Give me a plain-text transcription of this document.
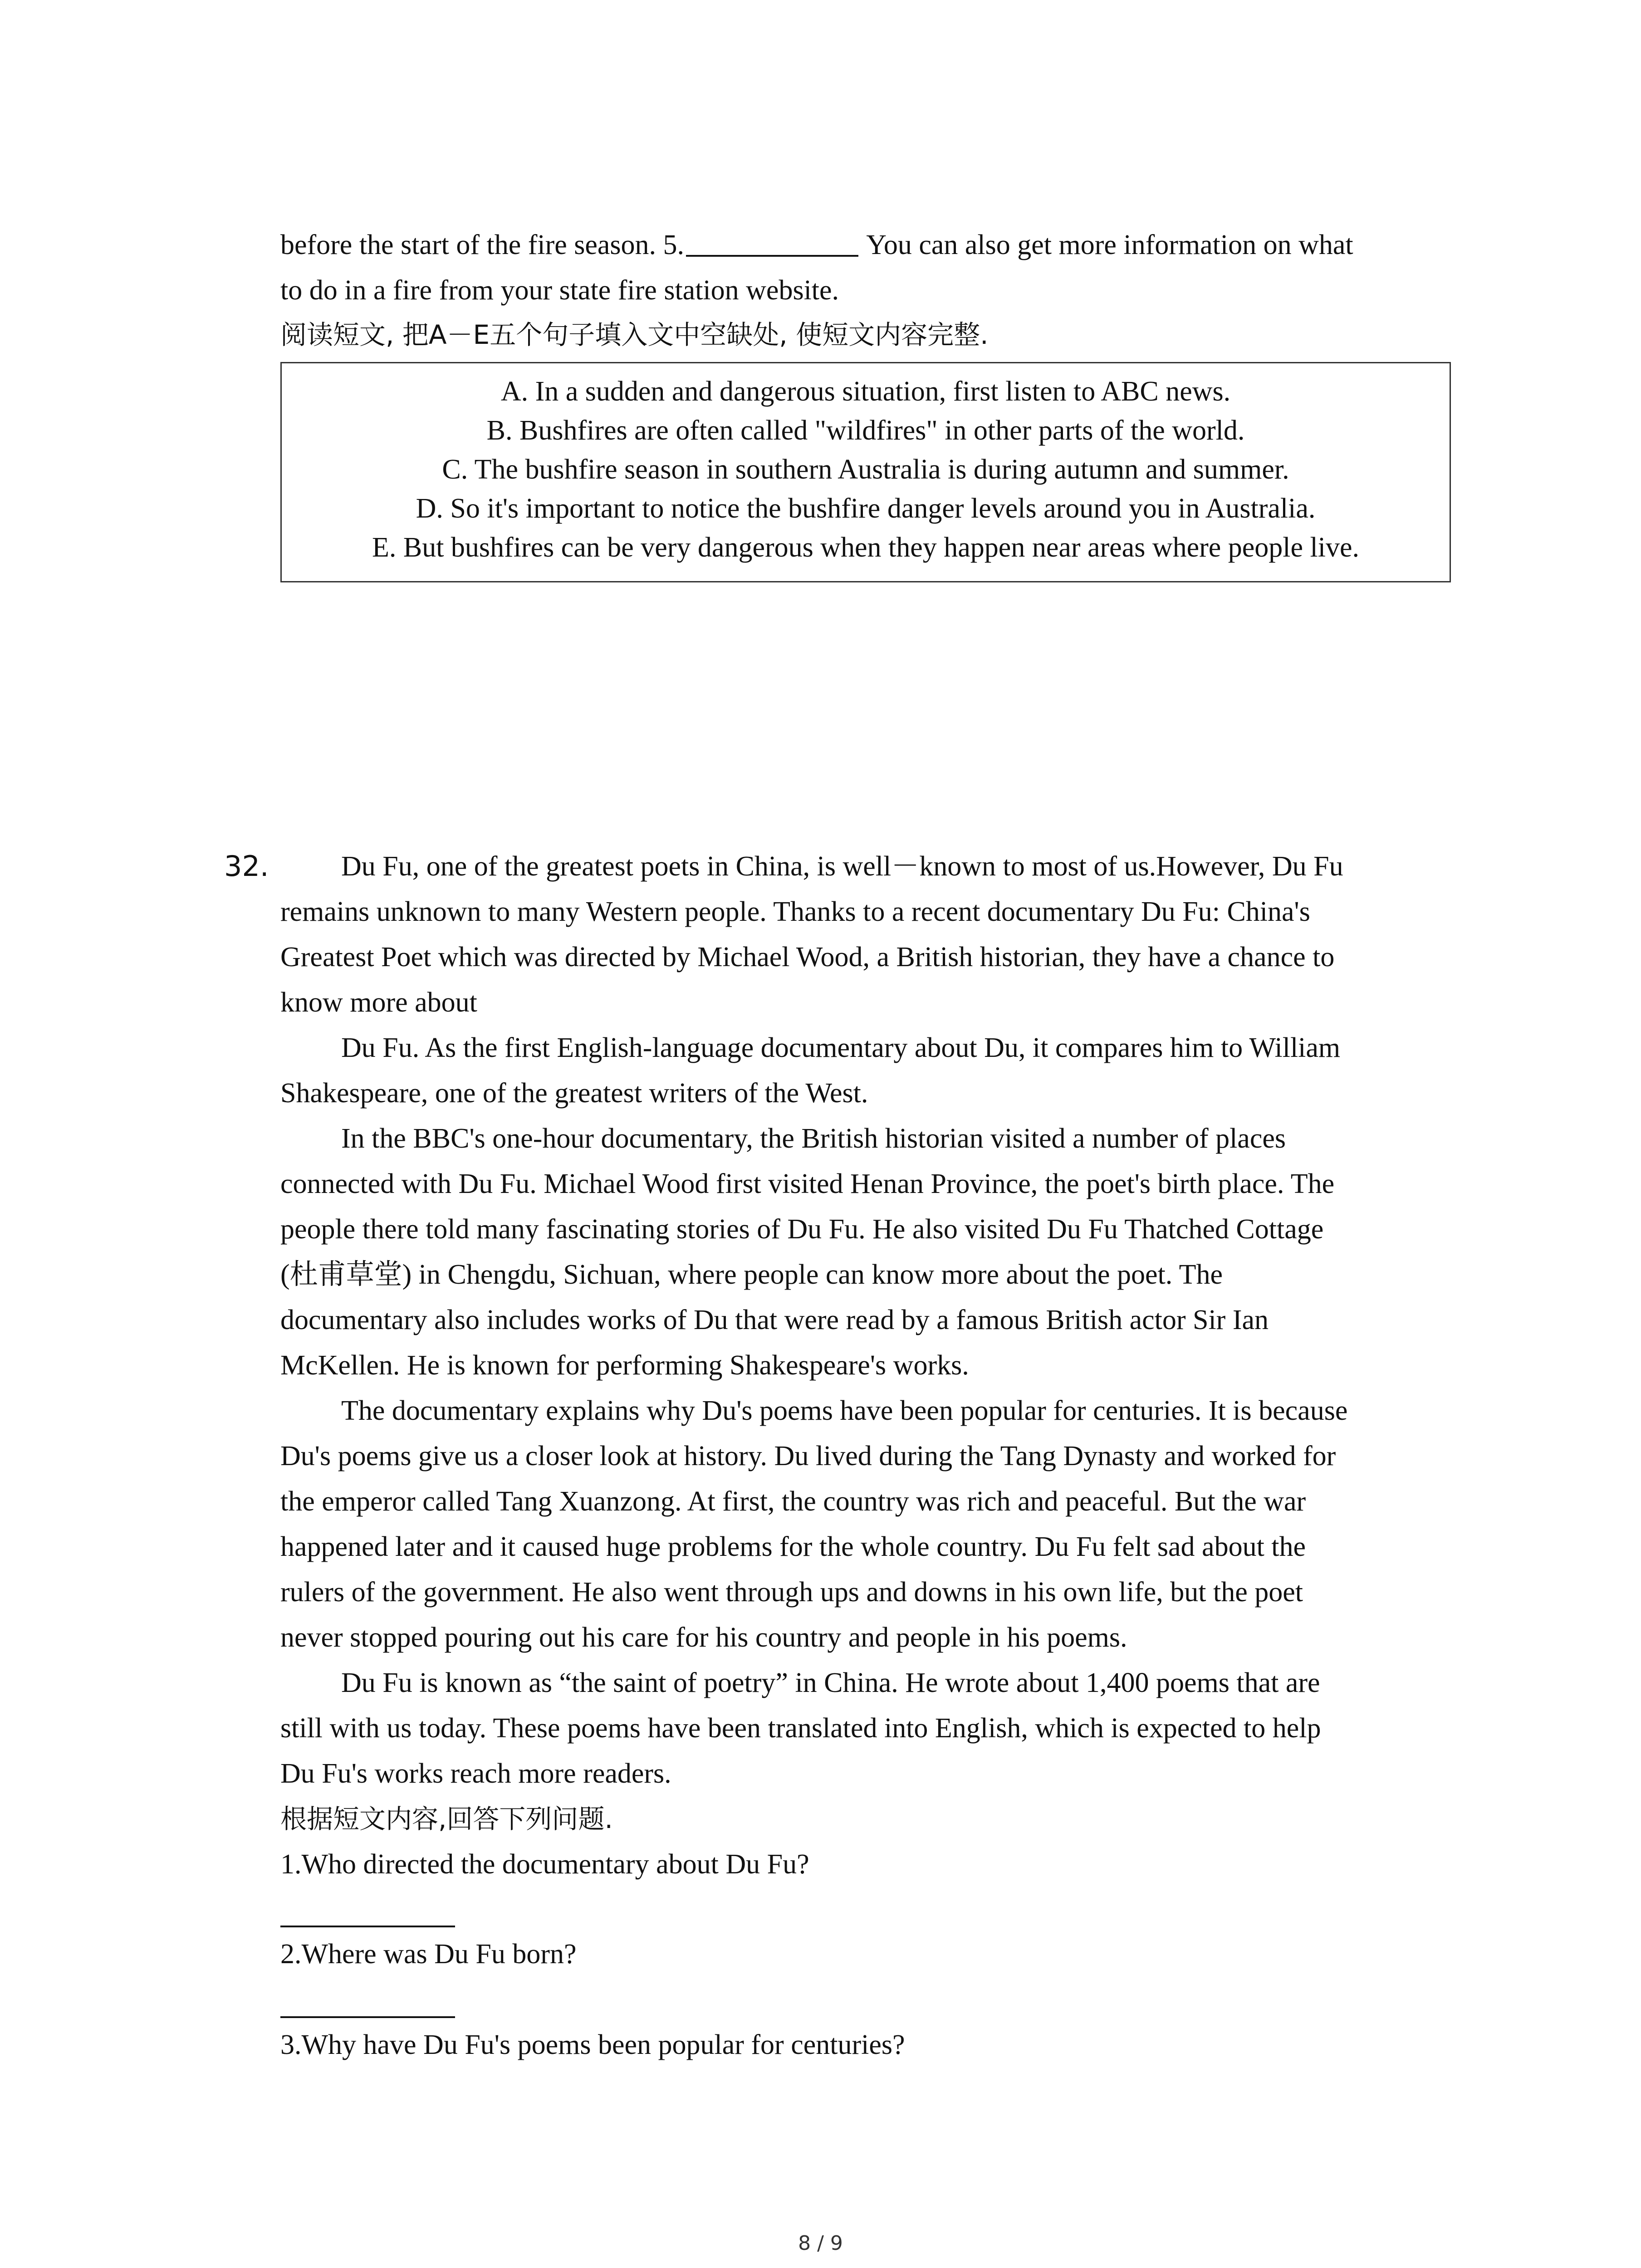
before the start of the fire season. 5.	You can also get more information on what
to do in a fire from your state fire station website.
阅读短文, 把A－E五个句子填入文中空缺处, 使短文内容完整.
A. In a sudden and dangerous situation, first listen to ABC news.
B. Bushfires are often called "wildfires" in other parts of the world.
C. The bushfire season in southern Australia is during autumn and summer.
D. So it's important to notice the bushfire danger levels around you in Australia.
E. But bushfires can be very dangerous when they happen near areas where people live.
32.	Du Fu, one of the greatest poets in China, is well－known to most of us.However, Du Fu
remains unknown to many Western people. Thanks to a recent documentary Du Fu: China's
Greatest Poet which was directed by Michael Wood, a British historian, they have a chance to
know more about
Du Fu. As the first English-language documentary about Du, it compares him to William
Shakespeare, one of the greatest writers of the West.
In the BBC's one-hour documentary, the British historian visited a number of places
connected with Du Fu. Michael Wood first visited Henan Province, the poet's birth place. The
people there told many fascinating stories of Du Fu. He also visited Du Fu Thatched Cottage
(杜甫草堂) in Chengdu, Sichuan, where people can know more about the poet. The
documentary also includes works of Du that were read by a famous British actor Sir Ian
McKellen. He is known for performing Shakespeare's works.
The documentary explains why Du's poems have been popular for centuries. It is because
Du's poems give us a closer look at history. Du lived during the Tang Dynasty and worked for
the emperor called Tang Xuanzong. At first, the country was rich and peaceful. But the war
happened later and it caused huge problems for the whole country. Du Fu felt sad about the
rulers of the government. He also went through ups and downs in his own life, but the poet
never stopped pouring out his care for his country and people in his poems.
Du Fu is known as “the saint of poetry” in China. He wrote about 1,400 poems that are
still with us today. These poems have been translated into English, which is expected to help
Du Fu's works reach more readers.
根据短文内容,回答下列问题.
1.Who directed the documentary about Du Fu?
2.Where was Du Fu born?
3.Why have Du Fu's poems been popular for centuries?
8 / 9
